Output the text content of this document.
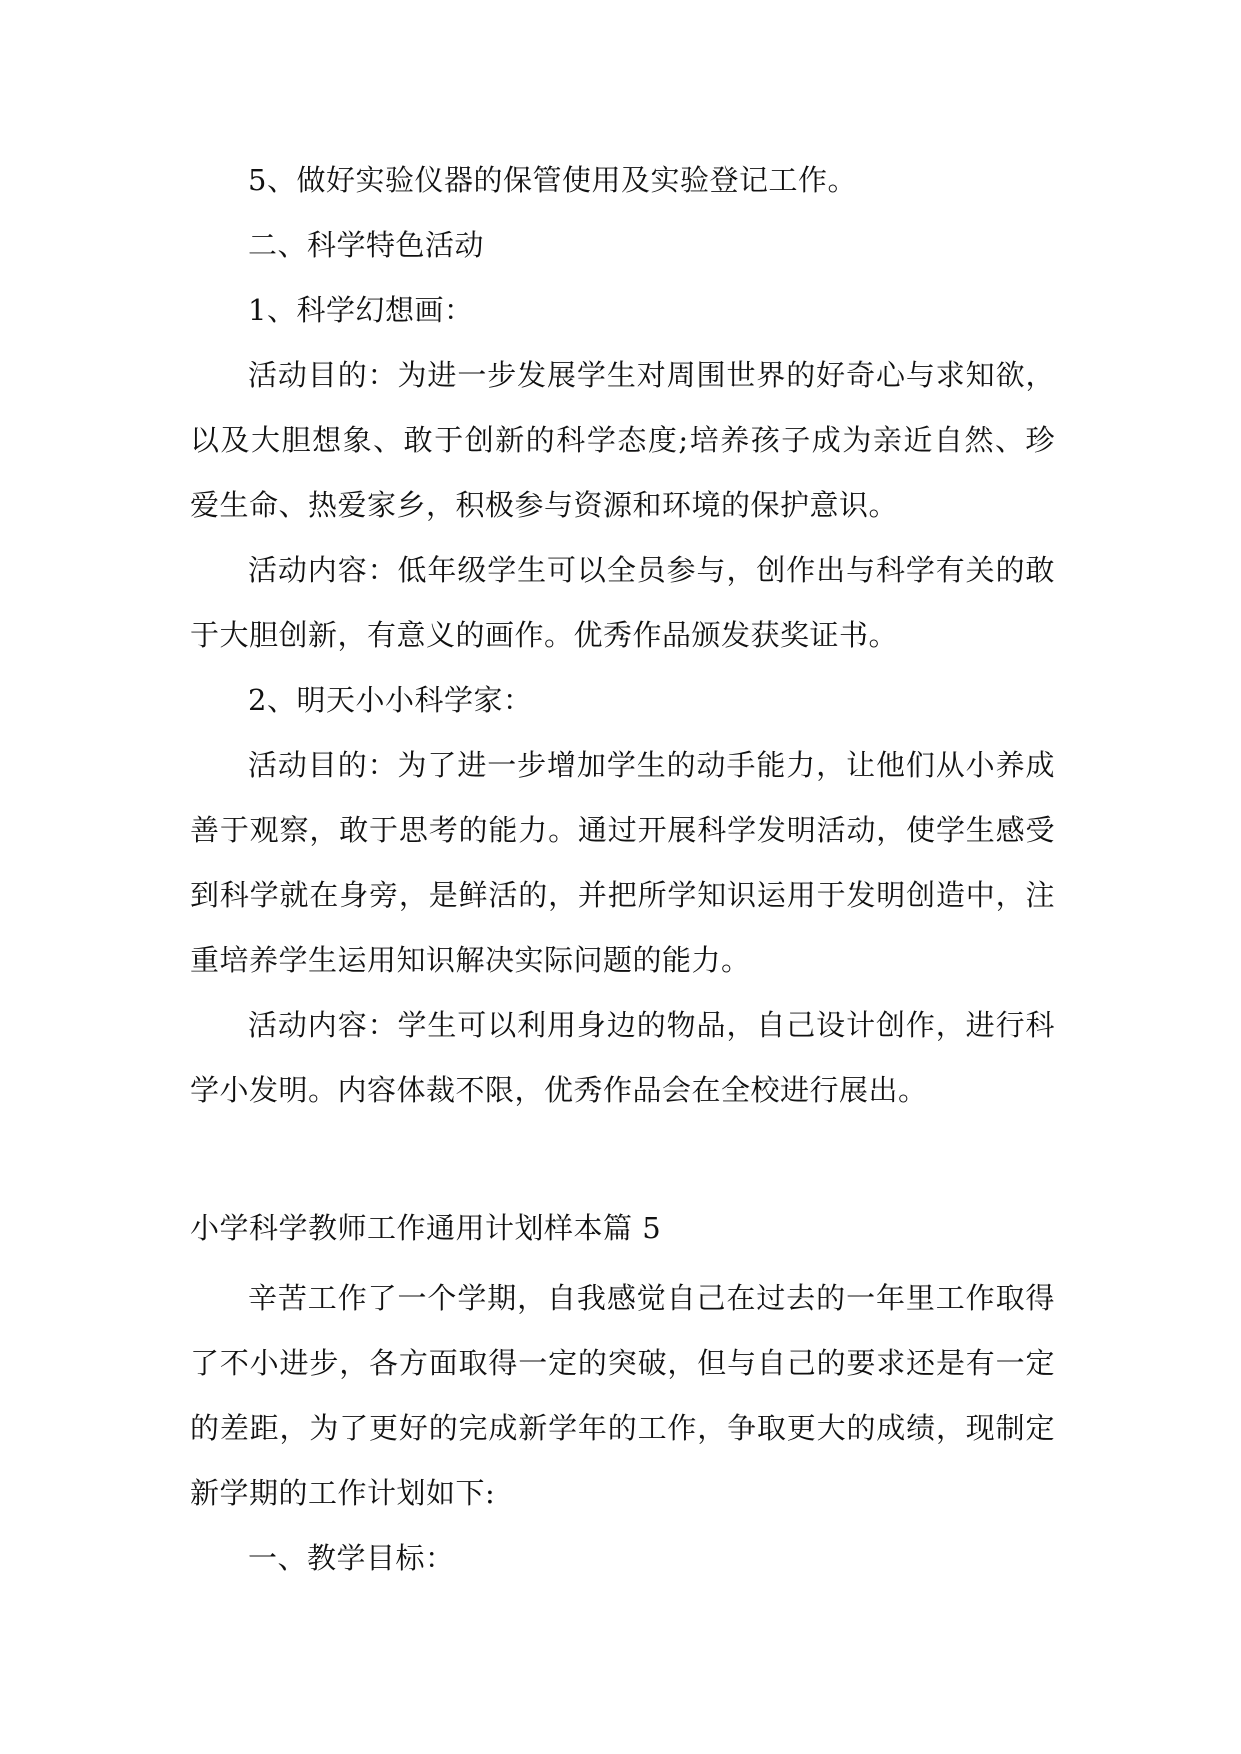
5、做好实验仪器的保管使用及实验登记工作。

二、科学特色活动

1、科学幻想画：

活动目的：为进一步发展学生对周围世界的好奇心与求知欲，以及大胆想象、敢于创新的科学态度;培养孩子成为亲近自然、珍爱生命、热爱家乡，积极参与资源和环境的保护意识。

活动内容：低年级学生可以全员参与，创作出与科学有关的敢于大胆创新，有意义的画作。优秀作品颁发获奖证书。

2、明天小小科学家：

活动目的：为了进一步增加学生的动手能力，让他们从小养成善于观察，敢于思考的能力。通过开展科学发明活动，使学生感受到科学就在身旁，是鲜活的，并把所学知识运用于发明创造中，注重培养学生运用知识解决实际问题的能力。

活动内容：学生可以利用身边的物品，自己设计创作，进行科学小发明。内容体裁不限，优秀作品会在全校进行展出。

小学科学教师工作通用计划样本篇 5

辛苦工作了一个学期，自我感觉自己在过去的一年里工作取得了不小进步，各方面取得一定的突破，但与自己的要求还是有一定的差距，为了更好的完成新学年的工作，争取更大的成绩，现制定新学期的工作计划如下:

一、教学目标：
